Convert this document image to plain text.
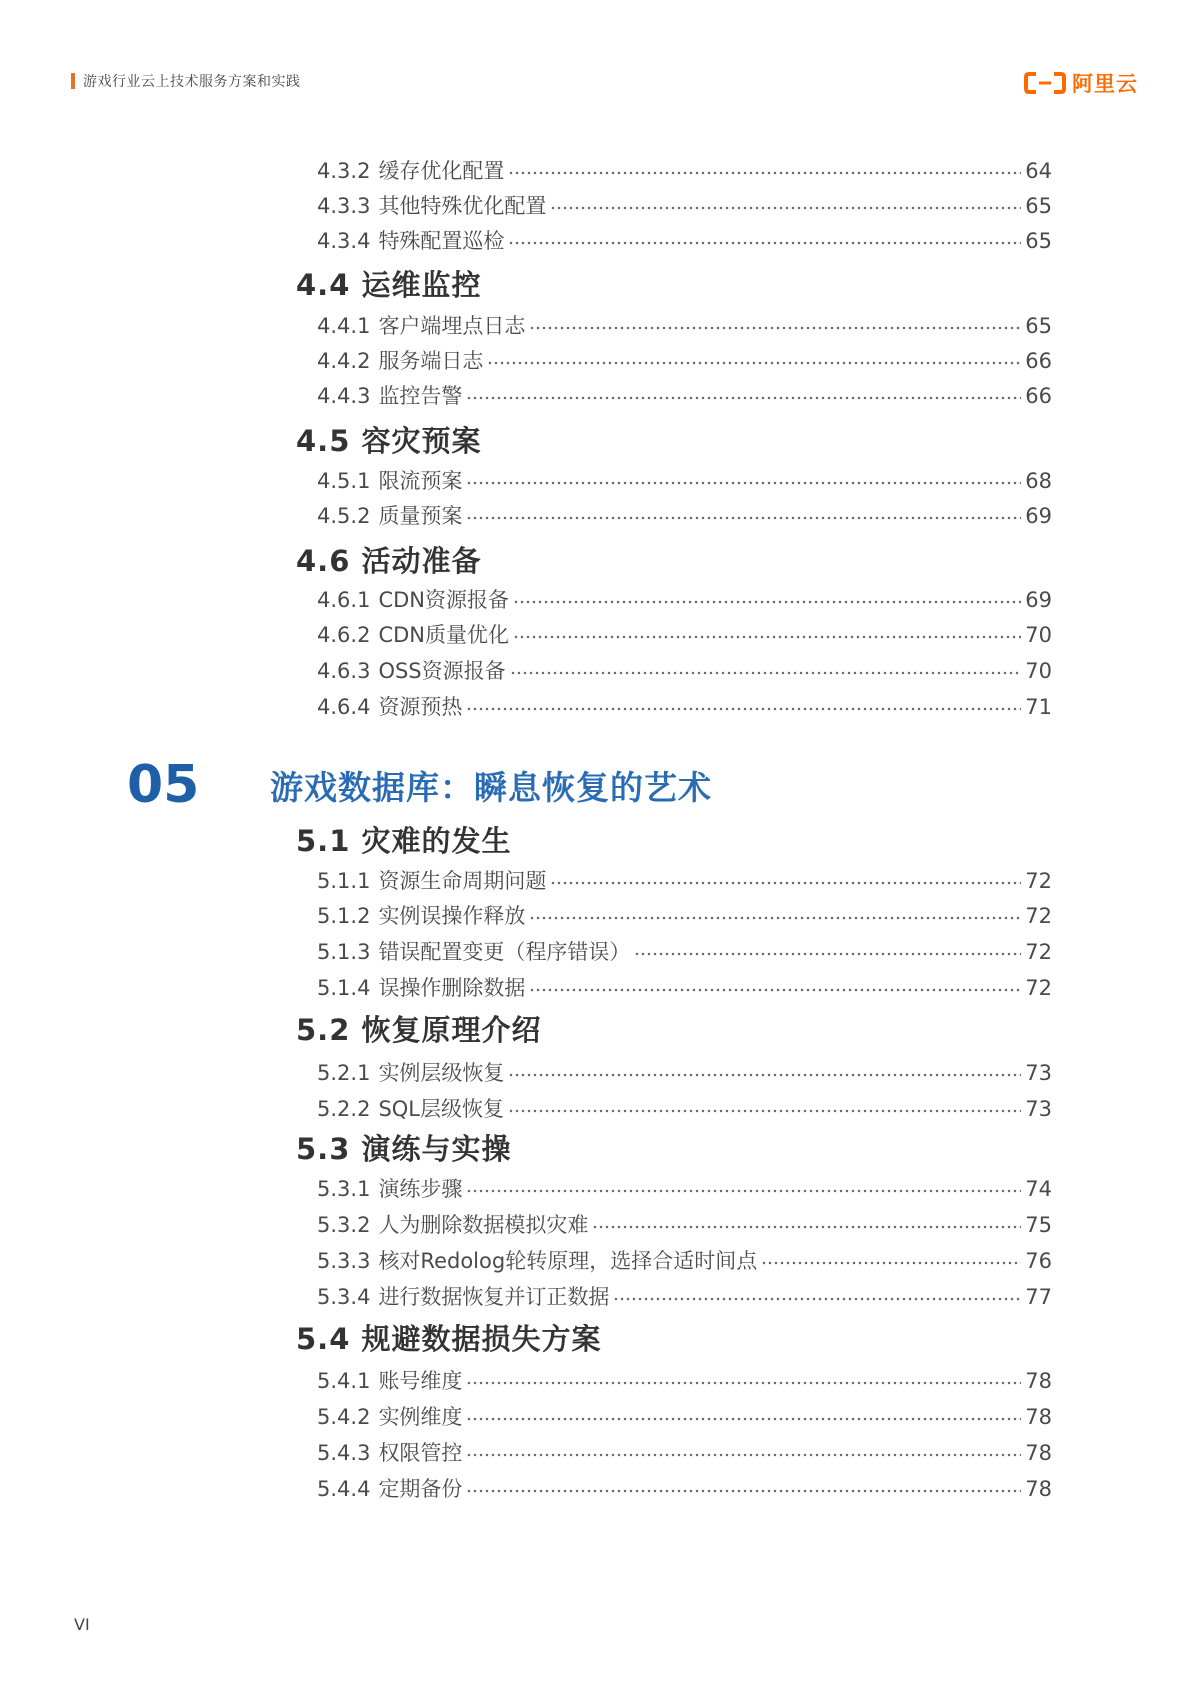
游戏行业云上技术服务方案和实践	阿里云
4.3.2 缓存优化配置	64
4.3.3 其他特殊优化配置	65
4.3.4 特殊配置巡检	65
4.4 运维监控
4.4.1 客户端埋点日志	65
4.4.2 服务端日志	66
4.4.3 监控告警	66
4.5 容灾预案
4.5.1 限流预案	68
4.5.2 质量预案	69
4.6 活动准备
4.6.1 CDN资源报备	69
4.6.2 CDN质量优化	70
4.6.3 OSS资源报备	70
4.6.4 资源预热	71
05 游戏数据库：瞬息恢复的艺术
5.1 灾难的发生
5.1.1 资源生命周期问题	72
5.1.2 实例误操作释放	72
5.1.3 错误配置变更（程序错误）	72
5.1.4 误操作删除数据	72
5.2 恢复原理介绍
5.2.1 实例层级恢复	73
5.2.2 SQL层级恢复	73
5.3 演练与实操
5.3.1 演练步骤	74
5.3.2 人为删除数据模拟灾难	75
5.3.3 核对Redolog轮转原理，选择合适时间点	76
5.3.4 进行数据恢复并订正数据	77
5.4 规避数据损失方案
5.4.1 账号维度	78
5.4.2 实例维度	78
5.4.3 权限管控	78
5.4.4 定期备份	78
VI
